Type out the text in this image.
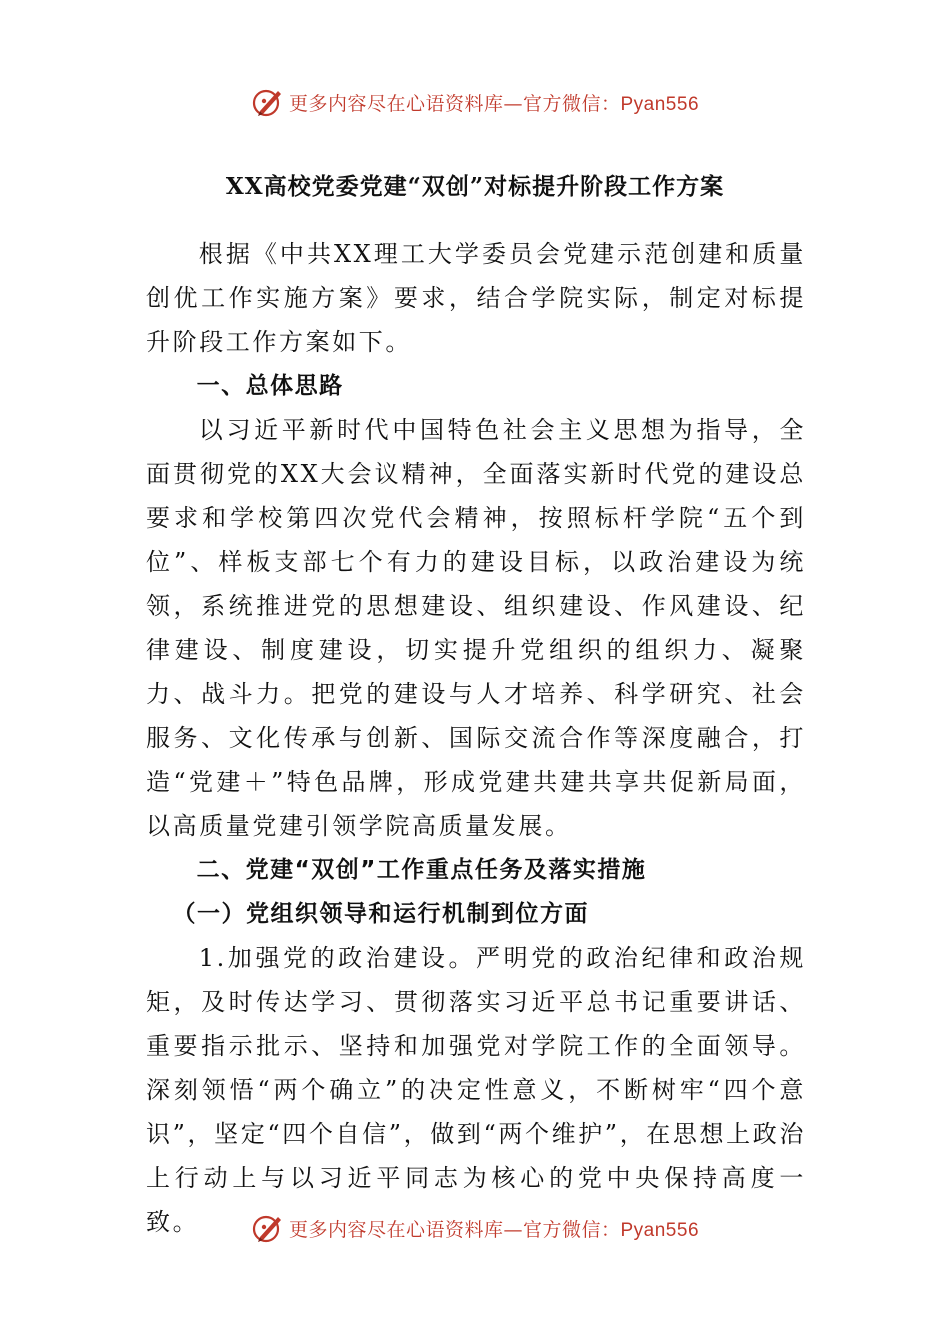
更多内容尽在心语资料库—官方微信：Pyan556
XX高校党委党建“双创”对标提升阶段工作方案

根据《中共XX理工大学委员会党建示范创建和质量创优工作实施方案》要求，结合学院实际，制定对标提升阶段工作方案如下。

一、总体思路

以习近平新时代中国特色社会主义思想为指导，全面贯彻党的XX大会议精神，全面落实新时代党的建设总要求和学校第四次党代会精神，按照标杆学院“五个到位”、样板支部七个有力的建设目标，以政治建设为统领，系统推进党的思想建设、组织建设、作风建设、纪律建设、制度建设，切实提升党组织的组织力、凝聚力、战斗力。把党的建设与人才培养、科学研究、社会服务、文化传承与创新、国际交流合作等深度融合，打造“党建＋”特色品牌，形成党建共建共享共促新局面，以高质量党建引领学院高质量发展。

二、党建“双创”工作重点任务及落实措施

（一）党组织领导和运行机制到位方面

1.加强党的政治建设。严明党的政治纪律和政治规矩，及时传达学习、贯彻落实习近平总书记重要讲话、重要指示批示、坚持和加强党对学院工作的全面领导。深刻领悟“两个确立”的决定性意义，不断树牢“四个意识”，坚定“四个自信”，做到“两个维护”，在思想上政治上行动上与以习近平同志为核心的党中央保持高度一致。	更多内容尽在心语资料库—官方微信：Pyan556
